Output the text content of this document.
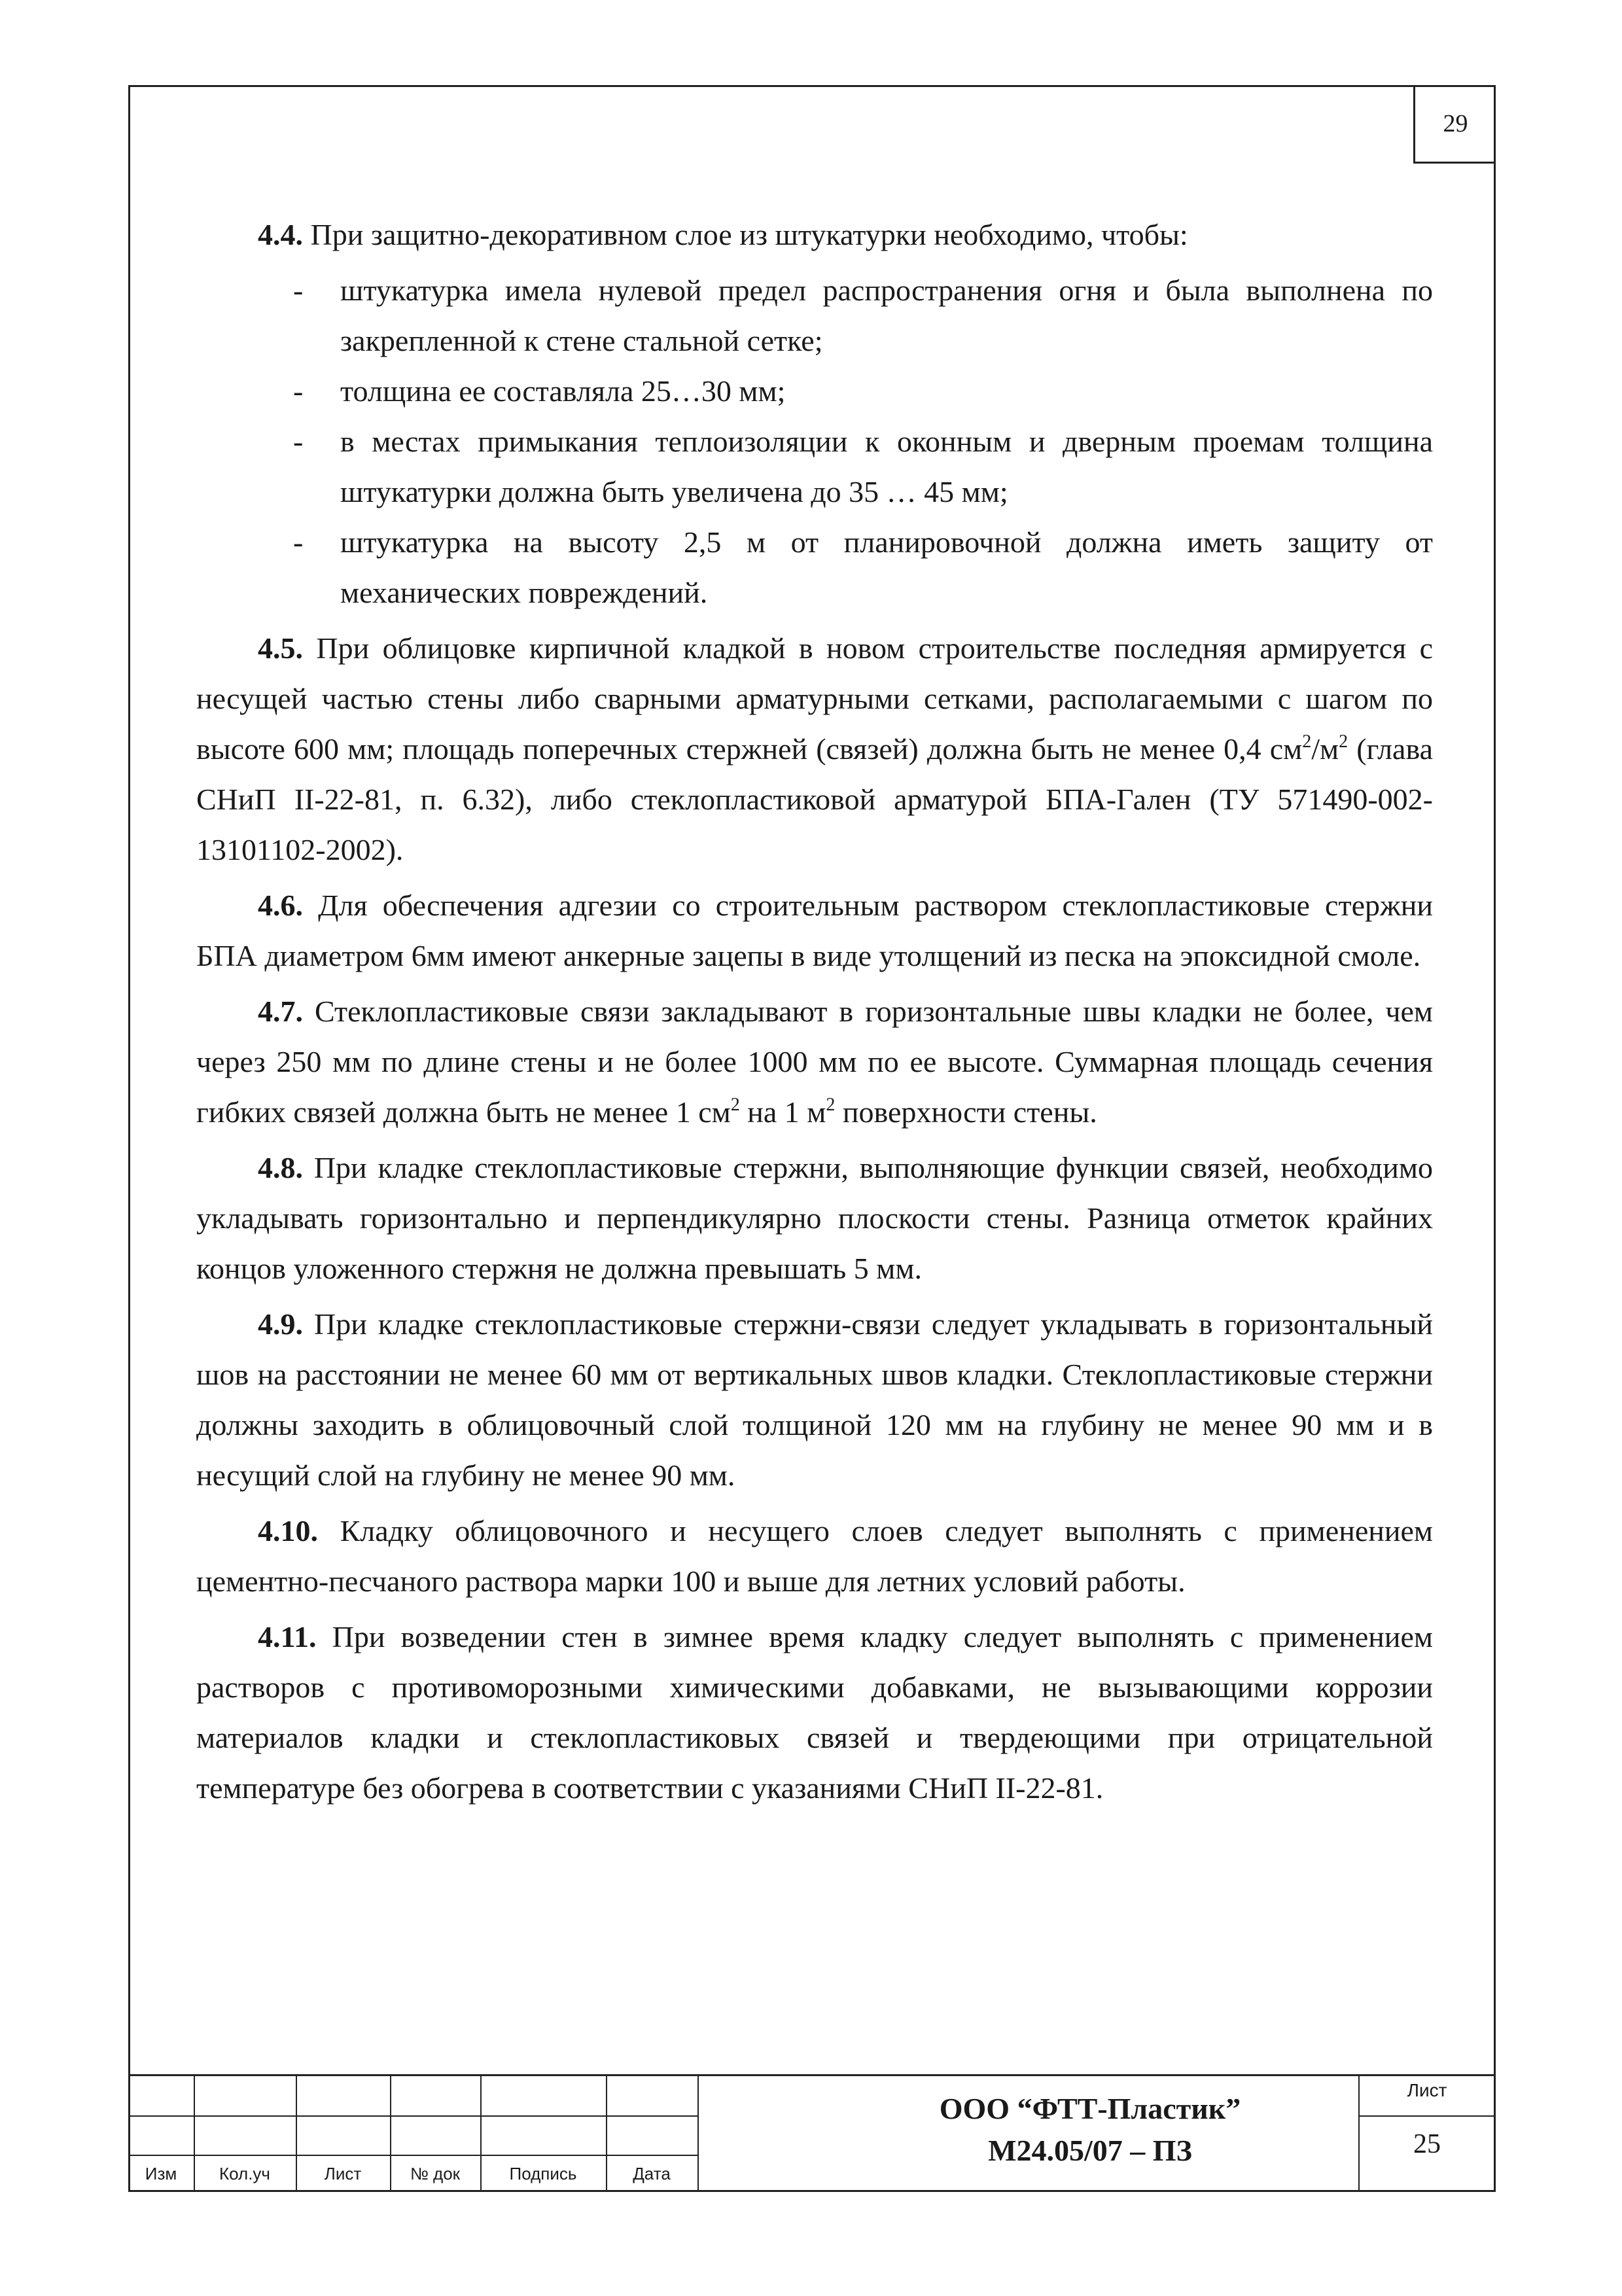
29

4.4. При защитно-декоративном слое из штукатурки необходимо, чтобы:

- штукатурка имела нулевой предел распространения огня и была выполнена по закрепленной к стене стальной сетке;
- толщина ее составляла 25…30 мм;
- в местах примыкания теплоизоляции к оконным и дверным проемам толщина штукатурки должна быть увеличена до 35 … 45 мм;
- штукатурка на высоту 2,5 м от планировочной должна иметь защиту от механических повреждений.

4.5. При облицовке кирпичной кладкой в новом строительстве последняя армируется с несущей частью стены либо сварными арматурными сетками, располагаемыми с шагом по высоте 600 мм; площадь поперечных стержней (связей) должна быть не менее 0,4 $см^2/м^2$ (глава СНиП II-22-81, п. 6.32), либо стеклопластиковой арматурой БПА-Гален (ТУ 571490-002-13101102-2002).

4.6. Для обеспечения адгезии со строительным раствором стеклопластиковые стержни БПА диаметром 6мм имеют анкерные зацепы в виде утолщений из песка на эпоксидной смоле.

4.7. Стеклопластиковые связи закладывают в горизонтальные швы кладки не более, чем через 250 мм по длине стены и не более 1000 мм по ее высоте. Суммарная площадь сечения гибких связей должна быть не менее 1 $см^2$ на 1 $м^2$ поверхности стены.

4.8. При кладке стеклопластиковые стержни, выполняющие функции связей, необходимо укладывать горизонтально и перпендикулярно плоскости стены. Разница отметок крайних концов уложенного стержня не должна превышать 5 мм.

4.9. При кладке стеклопластиковые стержни-связи следует укладывать в горизонтальный шов на расстоянии не менее 60 мм от вертикальных швов кладки. Стеклопластиковые стержни должны заходить в облицовочный слой толщиной 120 мм на глубину не менее 90 мм и в несущий слой на глубину не менее 90 мм.

4.10. Кладку облицовочного и несущего слоев следует выполнять с применением цементно-песчаного раствора марки 100 и выше для летних условий работы.

4.11. При возведении стен в зимнее время кладку следует выполнять с применением растворов с противоморозными химическими добавками, не вызывающими коррозии материалов кладки и стеклопластиковых связей и твердеющими при отрицательной температуре без обогрева в соответствии с указаниями СНиП II-22-81.

Изм	Кол.уч	Лист	№ док	Подпись	Дата
ООО “ФТТ-Пластик”
М24.05/07 – ПЗ
Лист
25
